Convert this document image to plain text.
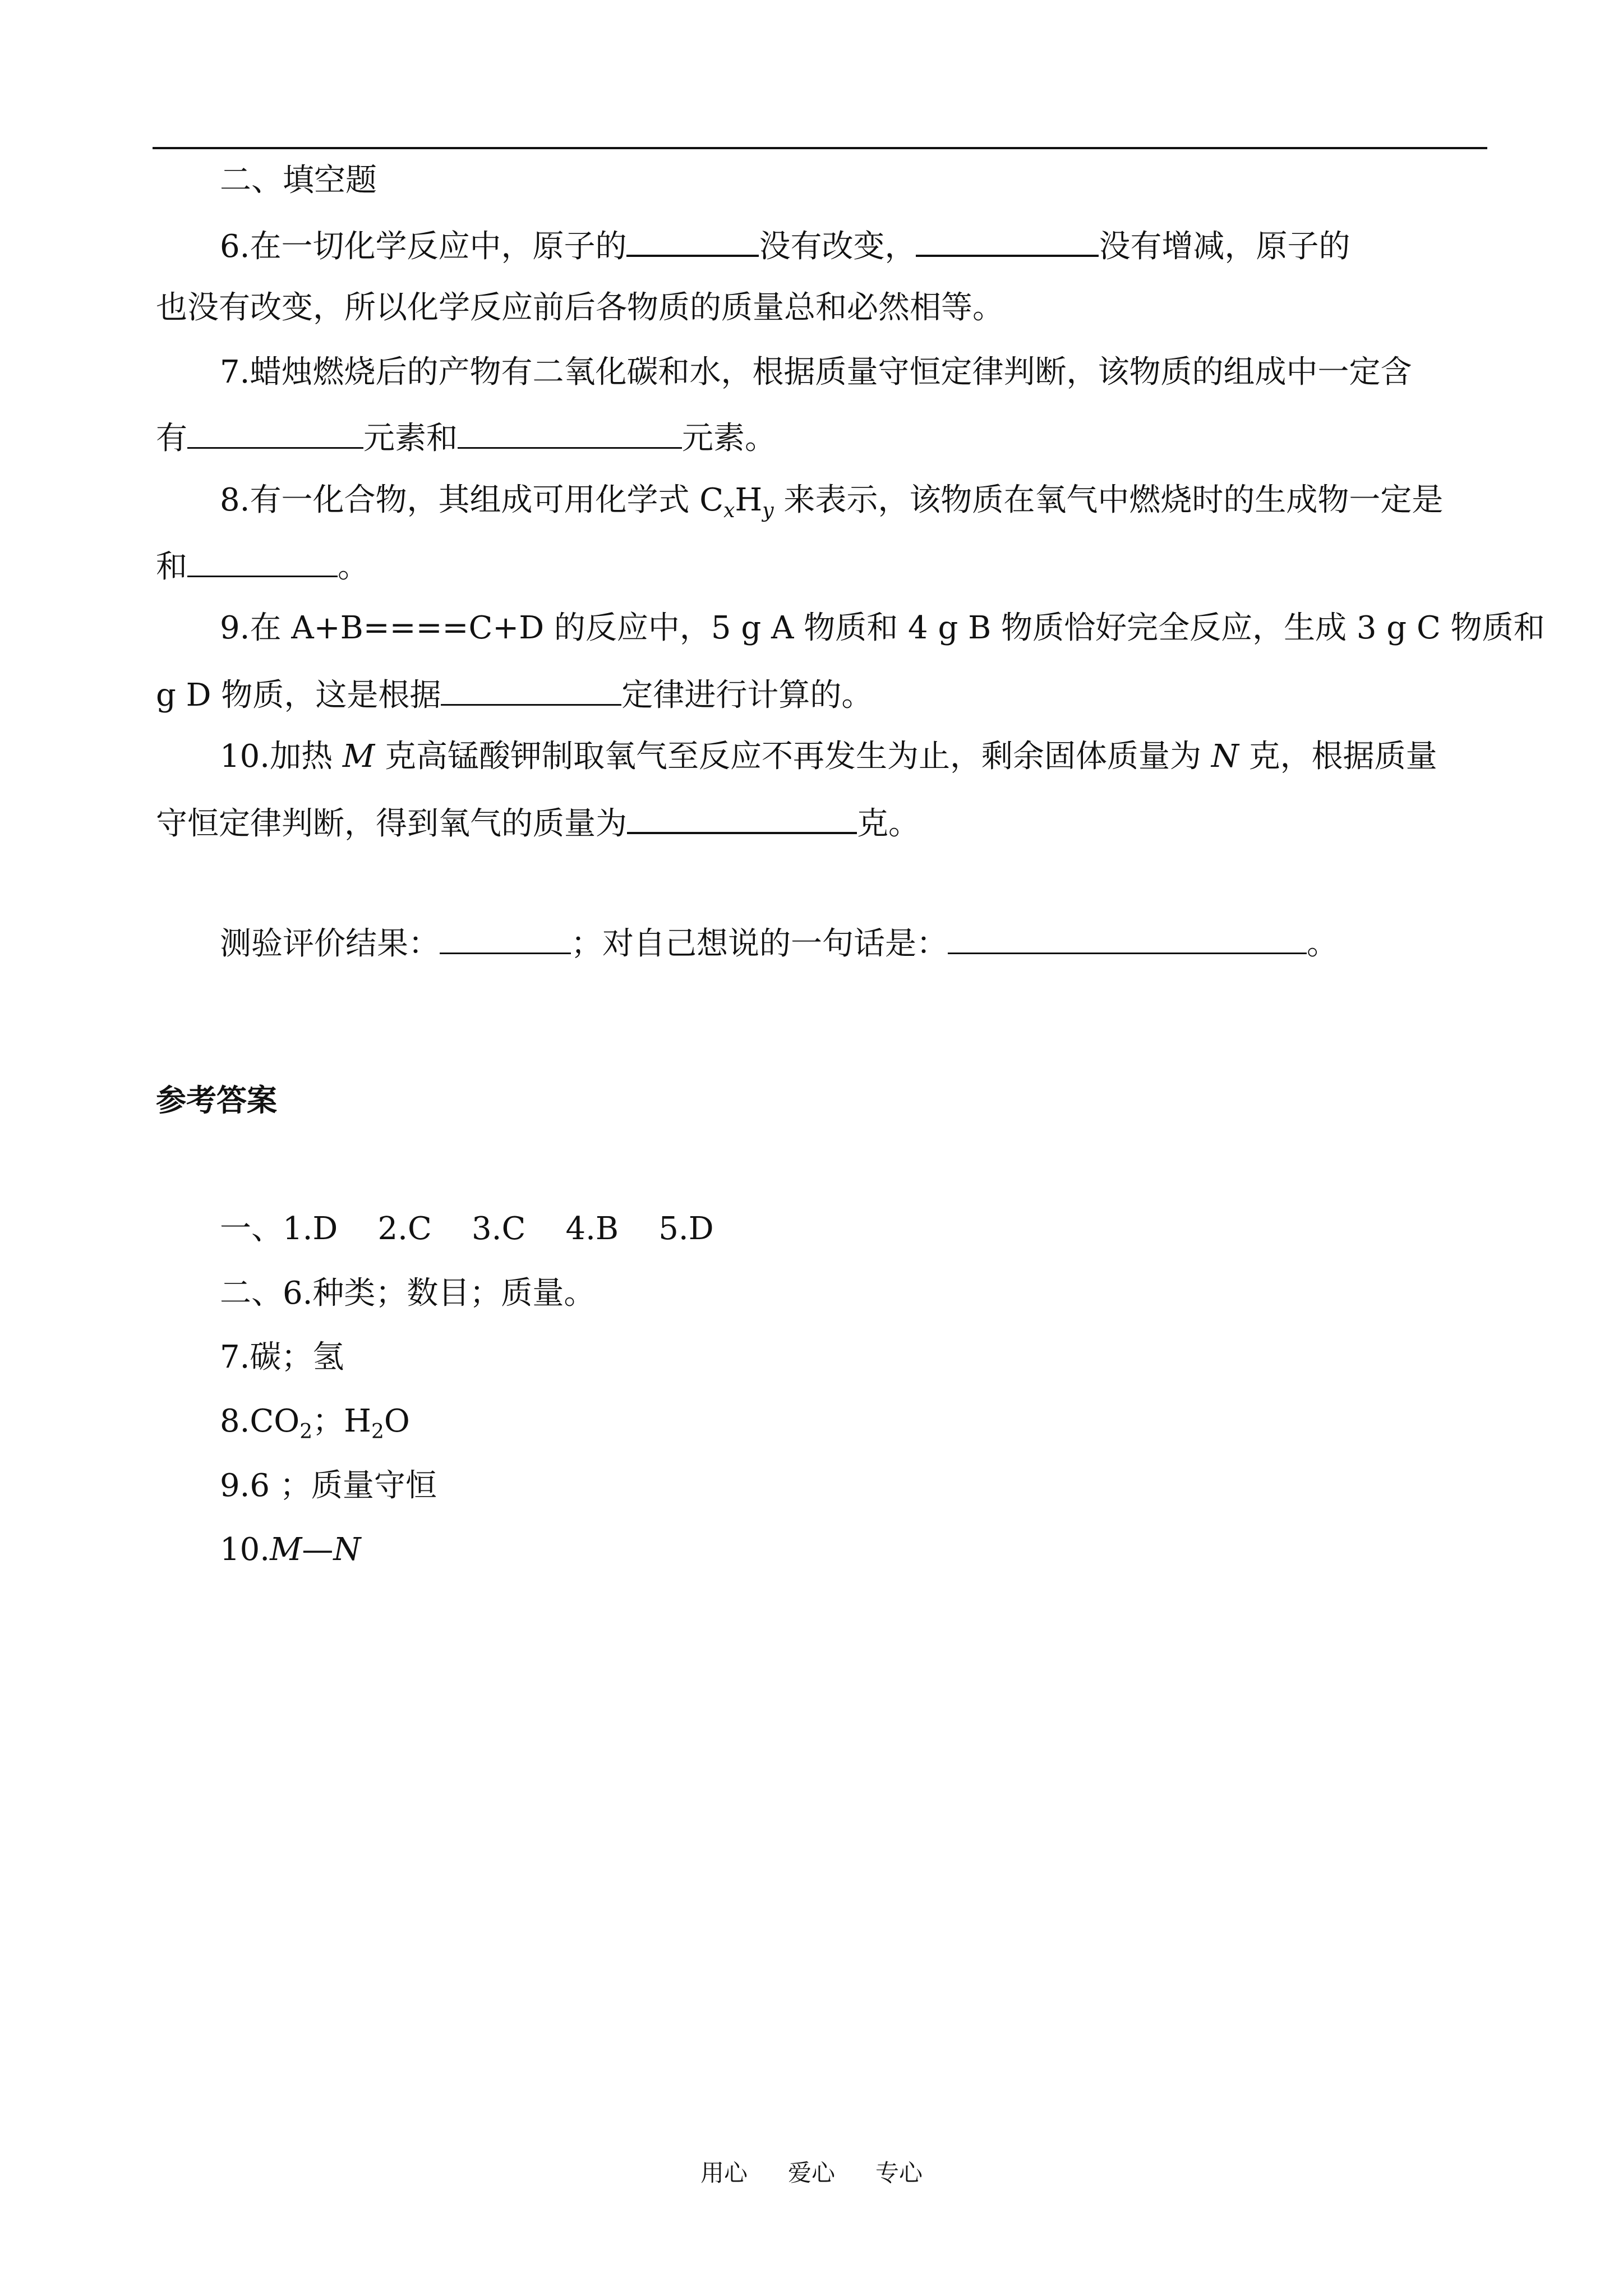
二、填空题
6.在一切化学反应中，原子的	没有改变，	没有增减，原子的
也没有改变，所以化学反应前后各物质的质量总和必然相等。
7.蜡烛燃烧后的产物有二氧化碳和水，根据质量守恒定律判断，该物质的组成中一定含
有	元素和	元素。
8.有一化合物，其组成可用化学式 $C_xH_y$ 来表示，该物质在氧气中燃烧时的生成物一定是
和	。
9.在 A+B====C+D 的反应中，5 g A 物质和 4 g B 物质恰好完全反应，生成 3 g C 物质和
g D 物质，这是根据	定律进行计算的。
10.加热 M 克高锰酸钾制取氧气至反应不再发生为止，剩余固体质量为 N 克，根据质量
守恒定律判断，得到氧气的质量为	克。
测验评价结果：	；对自己想说的一句话是：	。
参考答案
一、1.D    2.C    3.C    4.B    5.D
二、6.种类；数目；质量。
7.碳；氢
$8.CO_2$；$H_2O$
9.6 ；质量守恒
10.M—N
用心 爱心 专心
